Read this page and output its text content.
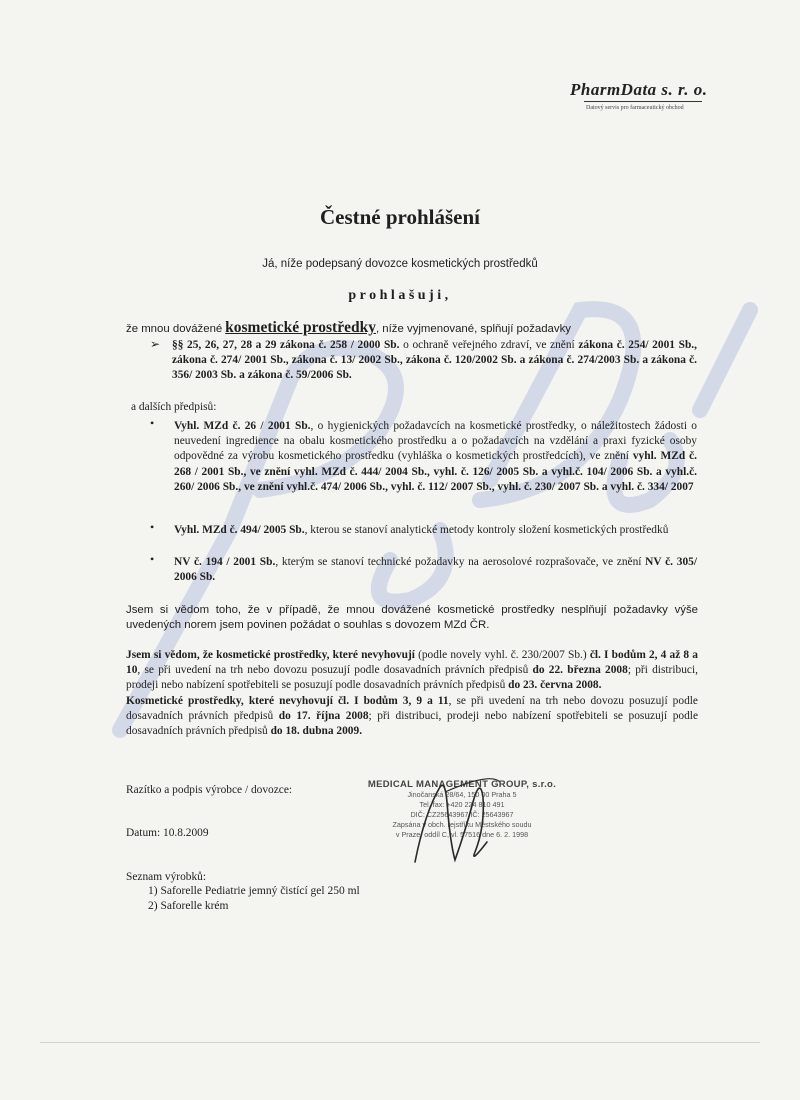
PharmData s. r. o.
Datový servis pro farmaceutický obchod
Čestné prohlášení
Já, níže podepsaný dovozce kosmetických prostředků
prohlašuji,

že mnou dovážené kosmetické prostředky, níže vyjmenované, splňují požadavky

➢ §§ 25, 26, 27, 28 a 29 zákona č. 258 / 2000 Sb. o ochraně veřejného zdraví, ve znění zákona č. 254/ 2001 Sb., zákona č. 274/ 2001 Sb., zákona č. 13/ 2002 Sb., zákona č. 120/2002 Sb. a zákona č. 274/2003 Sb. a zákona č. 356/ 2003 Sb. a zákona č. 59/2006 Sb.

a dalších předpisů:

• Vyhl. MZd č. 26 / 2001 Sb., o hygienických požadavcích na kosmetické prostředky, o náležitostech žádosti o neuvedení ingredience na obalu kosmetického prostředku a o požadavcích na vzdělání a praxi fyzické osoby odpovědné za výrobu kosmetického prostředku (vyhláška o kosmetických prostředcích), ve znění vyhl. MZd č. 268 / 2001 Sb., ve znění vyhl. MZd č. 444/ 2004 Sb., vyhl. č. 126/ 2005 Sb. a vyhl.č. 104/ 2006 Sb. a vyhl.č. 260/ 2006 Sb., ve znění vyhl.č. 474/ 2006 Sb., vyhl. č. 112/ 2007 Sb., vyhl. č. 230/ 2007 Sb. a vyhl. č. 334/ 2007

• Vyhl. MZd č. 494/ 2005 Sb., kterou se stanoví analytické metody kontroly složení kosmetických prostředků

• NV č. 194 / 2001 Sb., kterým se stanoví technické požadavky na aerosolové rozprašovače, ve znění NV č. 305/ 2006 Sb.

Jsem si vědom toho, že v případě, že mnou dovážené kosmetické prostředky nesplňují požadavky výše uvedených norem jsem povinen požádat o souhlas s dovozem MZd ČR.

Jsem si vědom, že kosmetické prostředky, které nevyhovují (podle novely vyhl. č. 230/2007 Sb.) čl. I bodům 2, 4 až 8 a 10, se při uvedení na trh nebo dovozu posuzují podle dosavadních právních předpisů do 22. března 2008; při distribuci, prodeji nebo nabízení spotřebiteli se posuzují podle dosavadních právních předpisů do 23. června 2008.
Kosmetické prostředky, které nevyhovují čl. I bodům 3, 9 a 11, se při uvedení na trh nebo dovozu posuzují podle dosavadních právních předpisů do 17. října 2008; při distribuci, prodeji nebo nabízení spotřebiteli se posuzují podle dosavadních právních předpisů do 18. dubna 2009.

Razítko a podpis výrobce / dovozce:	MEDICAL MANAGEMENT GROUP, s.r.o.
Jinočanská 28/64, 150 00 Praha 5
Tel./fax: +420 224 810 491
DIČ: CZ25643967 IČ: 25643967
Zapsána v obch. rejstříku Městského soudu
v Praze, oddíl C, vl. 57516 dne 6. 2. 1998

Datum: 10.8.2009

Seznam výrobků:

1) Saforelle Pediatrie jemný čistící gel 250 ml
2) Saforelle krém
